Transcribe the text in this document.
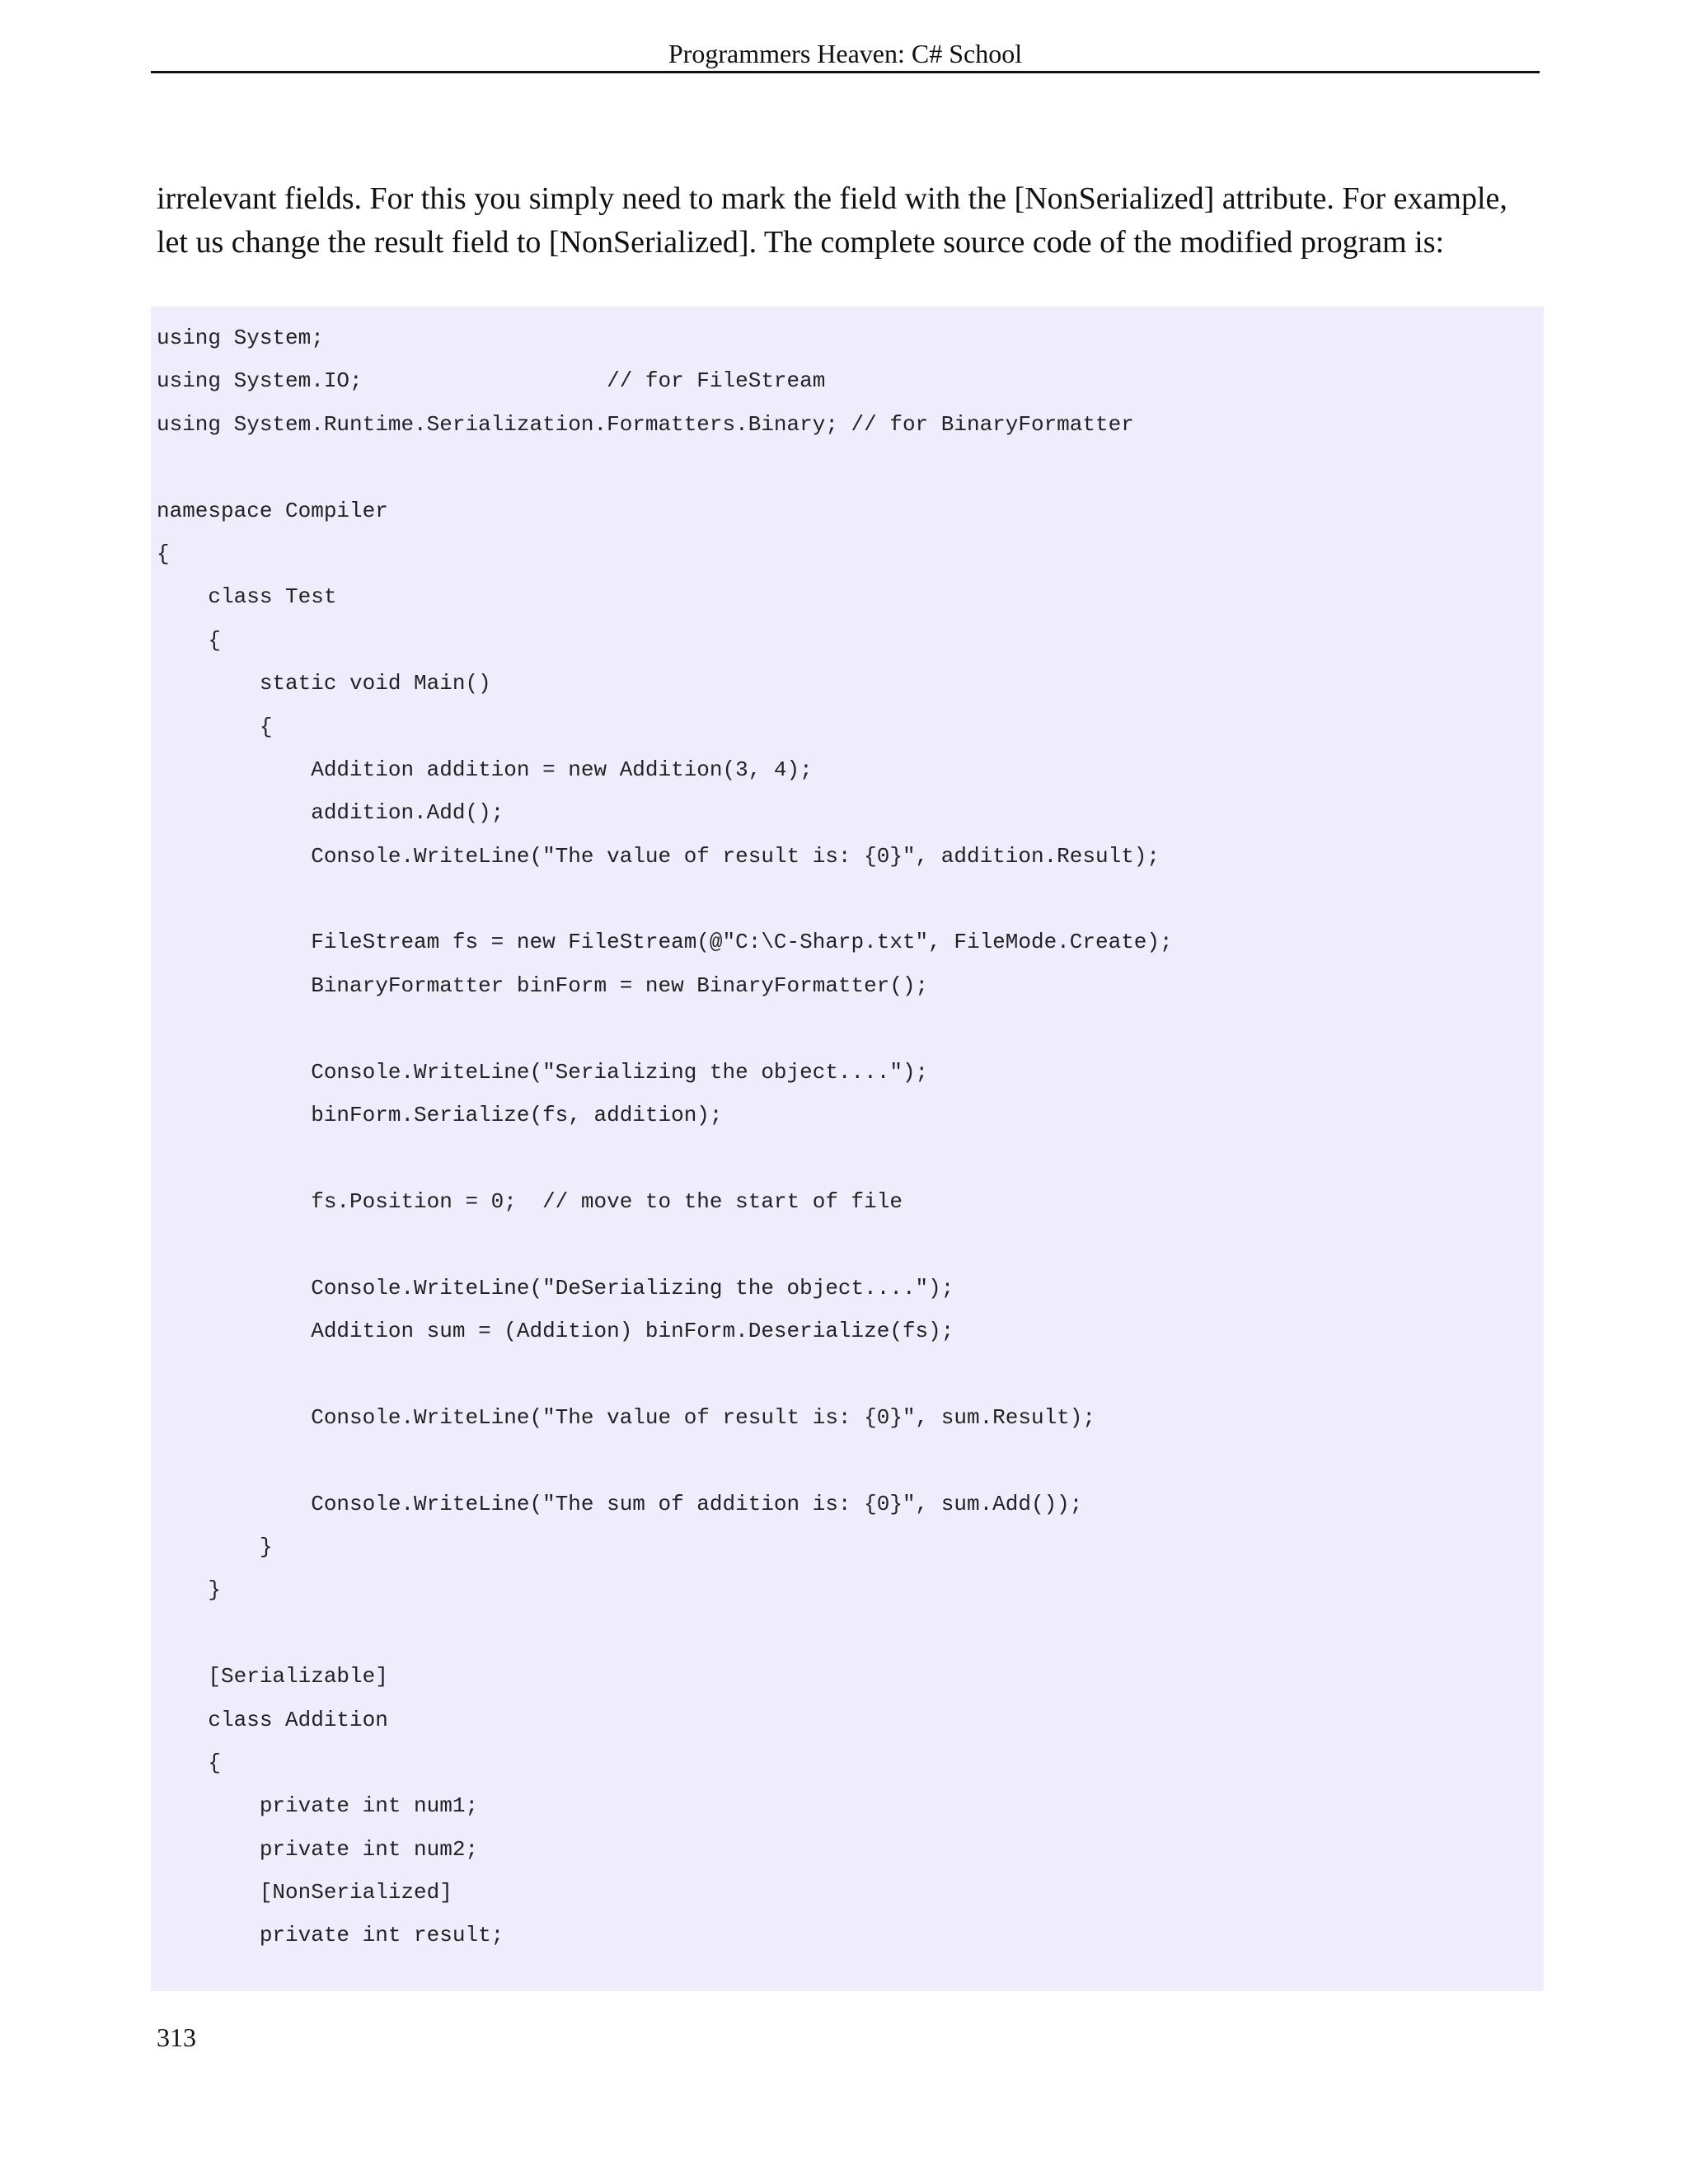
Programmers Heaven: C# School

irrelevant fields. For this you simply need to mark the field with the [NonSerialized] attribute. For example, let us change the result field to [NonSerialized]. The complete source code of the modified program is:

using System;
using System.IO;                   // for FileStream
using System.Runtime.Serialization.Formatters.Binary; // for BinaryFormatter
namespace Compiler
{
class Test
{
static void Main()
{
Addition addition = new Addition(3, 4);
addition.Add();
Console.WriteLine("The value of result is: {0}", addition.Result);
FileStream fs = new FileStream(@"C:\C-Sharp.txt", FileMode.Create);
BinaryFormatter binForm = new BinaryFormatter();
Console.WriteLine("Serializing the object....");
binForm.Serialize(fs, addition);
fs.Position = 0;  // move to the start of file
Console.WriteLine("DeSerializing the object....");
Addition sum = (Addition) binForm.Deserialize(fs);
Console.WriteLine("The value of result is: {0}", sum.Result);
Console.WriteLine("The sum of addition is: {0}", sum.Add());
}
}
[Serializable]
class Addition
{
private int num1;
private int num2;
[NonSerialized]
private int result;
313
